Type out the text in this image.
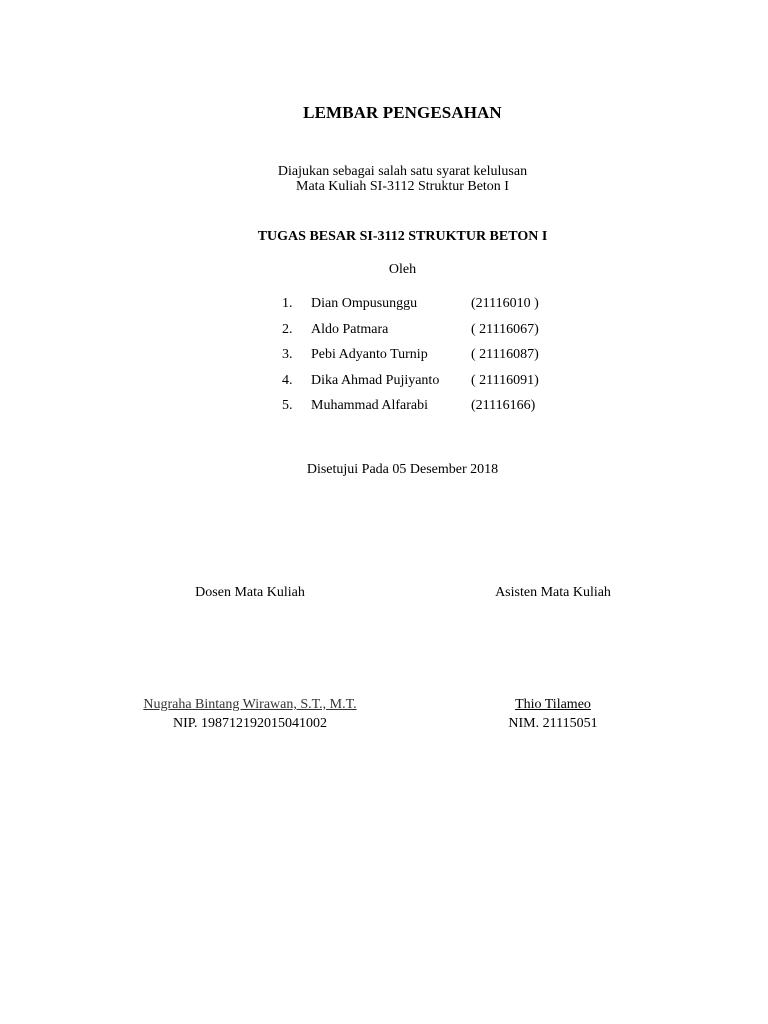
LEMBAR PENGESAHAN
Diajukan sebagai salah satu syarat kelulusan
Mata Kuliah SI-3112 Struktur Beton I
TUGAS BESAR SI-3112 STRUKTUR BETON I
Oleh
1. Dian Ompusunggu	(21116010 )
2. Aldo Patmara	( 21116067)
3. Pebi Adyanto Turnip	( 21116087)
4. Dika Ahmad Pujiyanto ( 21116091)
5. Muhammad Alfarabi	(21116166)
Disetujui Pada 05 Desember 2018
Dosen Mata Kuliah	Asisten Mata Kuliah
Nugraha Bintang Wirawan, S.T., M.T.	Thio Tilameo
NIP. 198712192015041002	NIM. 21115051
